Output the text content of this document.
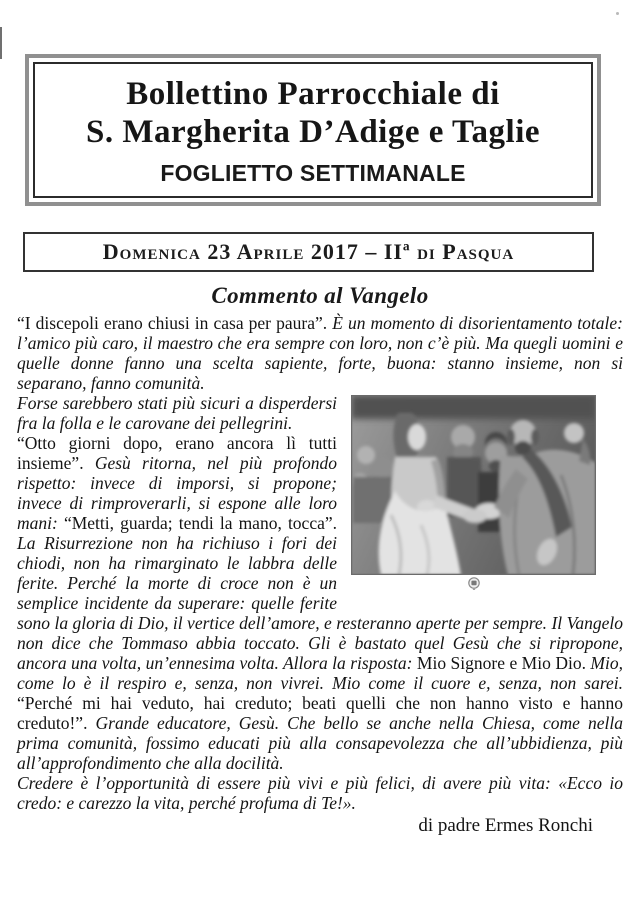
Bollettino Parrocchiale di
S. Margherita D’Adige e Taglie
FOGLIETTO SETTIMANALE
Domenica 23 Aprile 2017 – IIª di Pasqua
Commento al Vangelo

“I discepoli erano chiusi in casa per paura”. È un momento di disorientamento totale: l’amico più caro, il maestro che era sempre con loro, non c’è più. Ma quegli uomini e quelle donne fanno una scelta sapiente, forte, buona: stanno insieme, non si separano, fanno comunità.

Forse sarebbero stati più sicuri a disperdersi fra la folla e le carovane dei pellegrini.

“Otto giorni dopo, erano ancora lì tutti insieme”. Gesù ritorna, nel più profondo rispetto: invece di imporsi, si propone; invece di rimproverarli, si espone alle loro mani: “Metti, guarda; tendi la mano, tocca”. La Risurrezione non ha richiuso i fori dei chiodi, non ha rimarginato le labbra delle ferite. Perché la morte di croce non è un semplice incidente da superare: quelle ferite sono la gloria di Dio, il vertice dell’amore, e resteranno aperte per sempre. Il Vangelo non dice che Tommaso abbia toccato. Gli è bastato quel Gesù che si ripropone, ancora una volta, un’ennesima volta. Allora la risposta: Mio Signore e Mio Dio. Mio, come lo è il respiro e, senza, non vivrei. Mio come il cuore e, senza, non sarei. “Perché mi hai veduto, hai creduto; beati quelli che non hanno visto e hanno creduto!”. Grande educatore, Gesù. Che bello se anche nella Chiesa, come nella prima comunità, fossimo educati più alla consapevolezza che all’ubbidienza, più all’approfondimento che alla docilità.

Credere è l’opportunità di essere più vivi e più felici, di avere più vita: «Ecco io credo: e carezzo la vita, perché profuma di Te!».

di padre Ermes Ronchi
